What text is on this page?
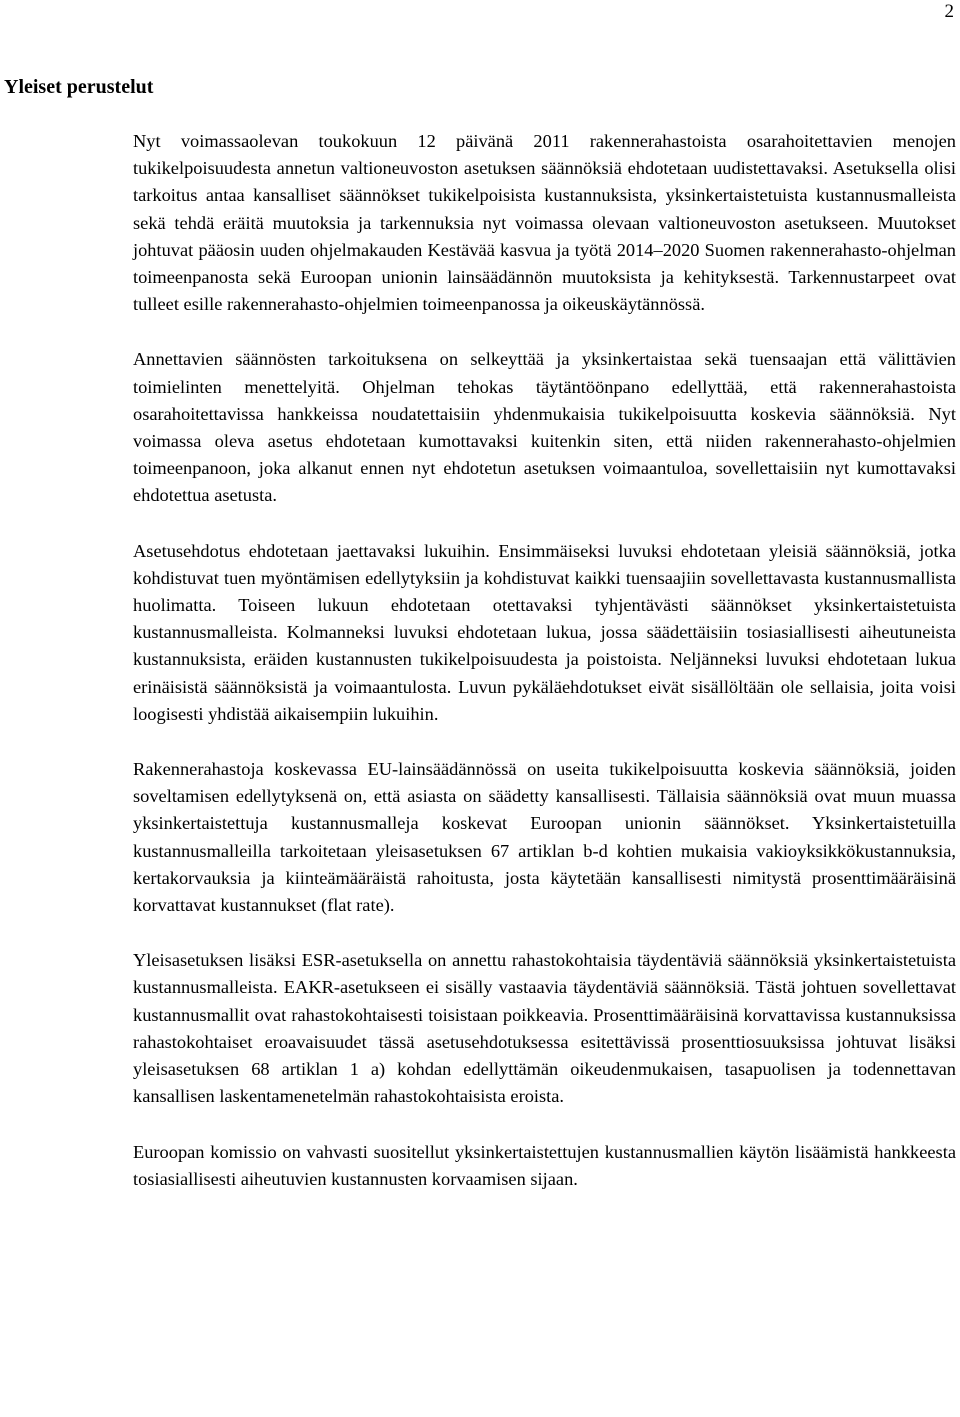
2
Yleiset perustelut

Nyt voimassaolevan toukokuun 12 päivänä 2011 rakennerahastoista osarahoitettavien menojen tukikelpoisuudesta annetun valtioneuvoston asetuksen säännöksiä ehdotetaan uudistettavaksi. Asetuksella olisi tarkoitus antaa kansalliset säännökset tukikelpoisista kustannuksista, yksinkertaistetuista kustannusmalleista sekä tehdä eräitä muutoksia ja tarkennuksia nyt voimassa olevaan valtioneuvoston asetukseen. Muutokset johtuvat pääosin uuden ohjelmakauden Kestävää kasvua ja työtä 2014–2020 Suomen rakennerahasto-ohjelman toimeenpanosta sekä Euroopan unionin lainsäädännön muutoksista ja kehityksestä. Tarkennustarpeet ovat tulleet esille rakennerahasto-ohjelmien toimeenpanossa ja oikeuskäytännössä.

Annettavien säännösten tarkoituksena on selkeyttää ja yksinkertaistaa sekä tuensaajan että välittävien toimielinten menettelyitä. Ohjelman tehokas täytäntöönpano edellyttää, että rakennerahastoista osarahoitettavissa hankkeissa noudatettaisiin yhdenmukaisia tukikelpoisuutta koskevia säännöksiä. Nyt voimassa oleva asetus ehdotetaan kumottavaksi kuitenkin siten, että niiden rakennerahasto-ohjelmien toimeenpanoon, joka alkanut ennen nyt ehdotetun asetuksen voimaantuloa, sovellettaisiin nyt kumottavaksi ehdotettua asetusta.

Asetusehdotus ehdotetaan jaettavaksi lukuihin. Ensimmäiseksi luvuksi ehdotetaan yleisiä säännöksiä, jotka kohdistuvat tuen myöntämisen edellytyksiin ja kohdistuvat kaikki tuensaajiin sovellettavasta kustannusmallista huolimatta. Toiseen lukuun ehdotetaan otettavaksi tyhjentävästi säännökset yksinkertaistetuista kustannusmalleista. Kolmanneksi luvuksi ehdotetaan lukua, jossa säädettäisiin tosiasiallisesti aiheutuneista kustannuksista, eräiden kustannusten tukikelpoisuudesta ja poistoista. Neljänneksi luvuksi ehdotetaan lukua erinäisistä säännöksistä ja voimaantulosta. Luvun pykäläehdotukset eivät sisällöltään ole sellaisia, joita voisi loogisesti yhdistää aikaisempiin lukuihin.

Rakennerahastoja koskevassa EU-lainsäädännössä on useita tukikelpoisuutta koskevia säännöksiä, joiden soveltamisen edellytyksenä on, että asiasta on säädetty kansallisesti. Tällaisia säännöksiä ovat muun muassa yksinkertaistettuja kustannusmalleja koskevat Euroopan unionin säännökset. Yksinkertaistetuilla kustannusmalleilla tarkoitetaan yleisasetuksen 67 artiklan b-d kohtien mukaisia vakioyksikkökustannuksia, kertakorvauksia ja kiinteämääräistä rahoitusta, josta käytetään kansallisesti nimitystä prosenttimääräisinä korvattavat kustannukset (flat rate).

Yleisasetuksen lisäksi ESR-asetuksella on annettu rahastokohtaisia täydentäviä säännöksiä yksinkertaistetuista kustannusmalleista. EAKR-asetukseen ei sisälly vastaavia täydentäviä säännöksiä. Tästä johtuen sovellettavat kustannusmallit ovat rahastokohtaisesti toisistaan poikkeavia. Prosenttimääräisinä korvattavissa kustannuksissa rahastokohtaiset eroavaisuudet tässä asetusehdotuksessa esitettävissä prosenttiosuuksissa johtuvat lisäksi yleisasetuksen 68 artiklan 1 a) kohdan edellyttämän oikeudenmukaisen, tasapuolisen ja todennettavan kansallisen laskentamenetelmän rahastokohtaisista eroista.

Euroopan komissio on vahvasti suositellut yksinkertaistettujen kustannusmallien käytön lisäämistä hankkeesta tosiasiallisesti aiheutuvien kustannusten korvaamisen sijaan.
